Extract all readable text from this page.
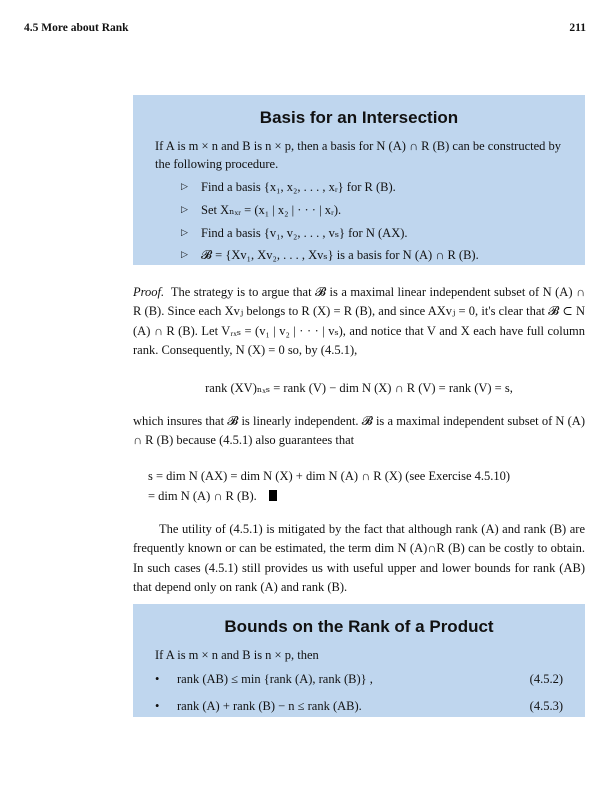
4.5 More about Rank	211
Basis for an Intersection

If A is m × n and B is n × p, then a basis for N (A) ∩ R (B) can be constructed by the following procedure.

▷	Find a basis {x₁, x₂, . . . , xᵣ} for R (B).
▷	Set Xₙₓᵣ = (x₁ | x₂ | · · · | xᵣ).
▷	Find a basis {v₁, v₂, . . . , vₛ} for N (AX).
▷	𝓑 = {Xv₁, Xv₂, . . . , Xvₛ} is a basis for N (A) ∩ R (B).
Proof. The strategy is to argue that 𝓑 is a maximal linear independent subset of N (A) ∩ R (B). Since each Xvⱼ belongs to R (X) = R (B), and since AXvⱼ = 0, it's clear that 𝓑 ⊂ N (A) ∩ R (B). Let Vᵣₓₛ = (v₁ | v₂ | · · · | vₛ), and notice that V and X each have full column rank. Consequently, N (X) = 0 so, by (4.5.1),
rank (XV)ₙₓₛ = rank (V) − dim N (X) ∩ R (V) = rank (V) = s,
which insures that 𝓑 is linearly independent. 𝓑 is a maximal independent subset of N (A) ∩ R (B) because (4.5.1) also guarantees that
s = dim N (AX) = dim N (X) + dim N (A) ∩ R (X) (see Exercise 4.5.10)
= dim N (A) ∩ R (B).
The utility of (4.5.1) is mitigated by the fact that although rank (A) and rank (B) are frequently known or can be estimated, the term dim N (A)∩R (B) can be costly to obtain. In such cases (4.5.1) still provides us with useful upper and lower bounds for rank (AB) that depend only on rank (A) and rank (B).
Bounds on the Rank of a Product

If A is m × n and B is n × p, then

•	rank (AB) ≤ min {rank (A), rank (B)} ,	(4.5.2)
•	rank (A) + rank (B) − n ≤ rank (AB).	(4.5.3)
